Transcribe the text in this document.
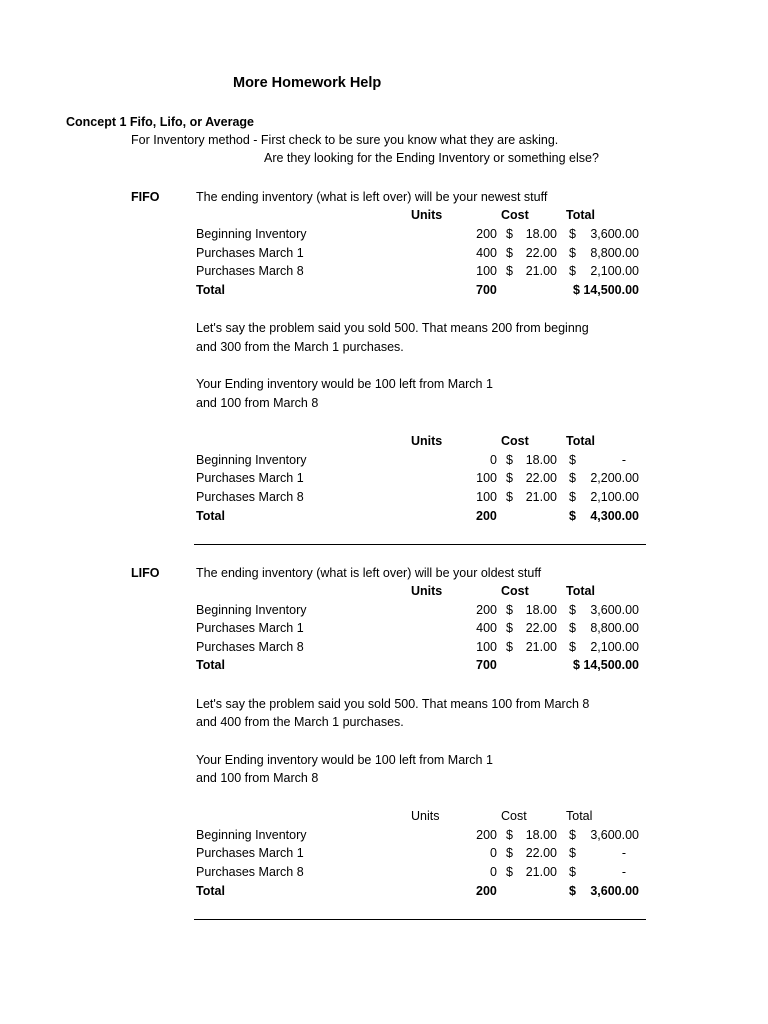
More Homework Help
Concept 1 Fifo, Lifo, or Average
For Inventory method - First check to be sure you know what they are asking.
Are they looking for the Ending Inventory or something else?
FIFO	The ending inventory (what is left over) will be your newest stuff
Units	Cost	Total
Beginning Inventory	200 $	18.00 $	3,600.00
Purchases March 1	400 $	22.00 $	8,800.00
Purchases March 8	100 $	21.00 $	2,100.00
Total	700	$ 14,500.00
Let's say the problem said you sold 500. That means 200 from beginng
and 300 from the March 1 purchases.
Your Ending inventory would be 100 left from March 1
and 100 from March 8
Units	Cost	Total
Beginning Inventory	0 $	18.00 $	-
Purchases March 1	100 $	22.00 $	2,200.00
Purchases March 8	100 $	21.00 $	2,100.00
Total	200	$	4,300.00
LIFO	The ending inventory (what is left over) will be your oldest stuff
Units	Cost	Total
Beginning Inventory	200 $	18.00 $	3,600.00
Purchases March 1	400 $	22.00 $	8,800.00
Purchases March 8	100 $	21.00 $	2,100.00
Total	700	$ 14,500.00
Let's say the problem said you sold 500. That means 100 from March 8
and 400 from the March 1 purchases.
Your Ending inventory would be 100 left from March 1
and 100 from March 8
Units	Cost	Total
Beginning Inventory	200 $	18.00 $	3,600.00
Purchases March 1	0 $	22.00 $	-
Purchases March 8	0 $	21.00 $	-
Total	200	$	3,600.00
